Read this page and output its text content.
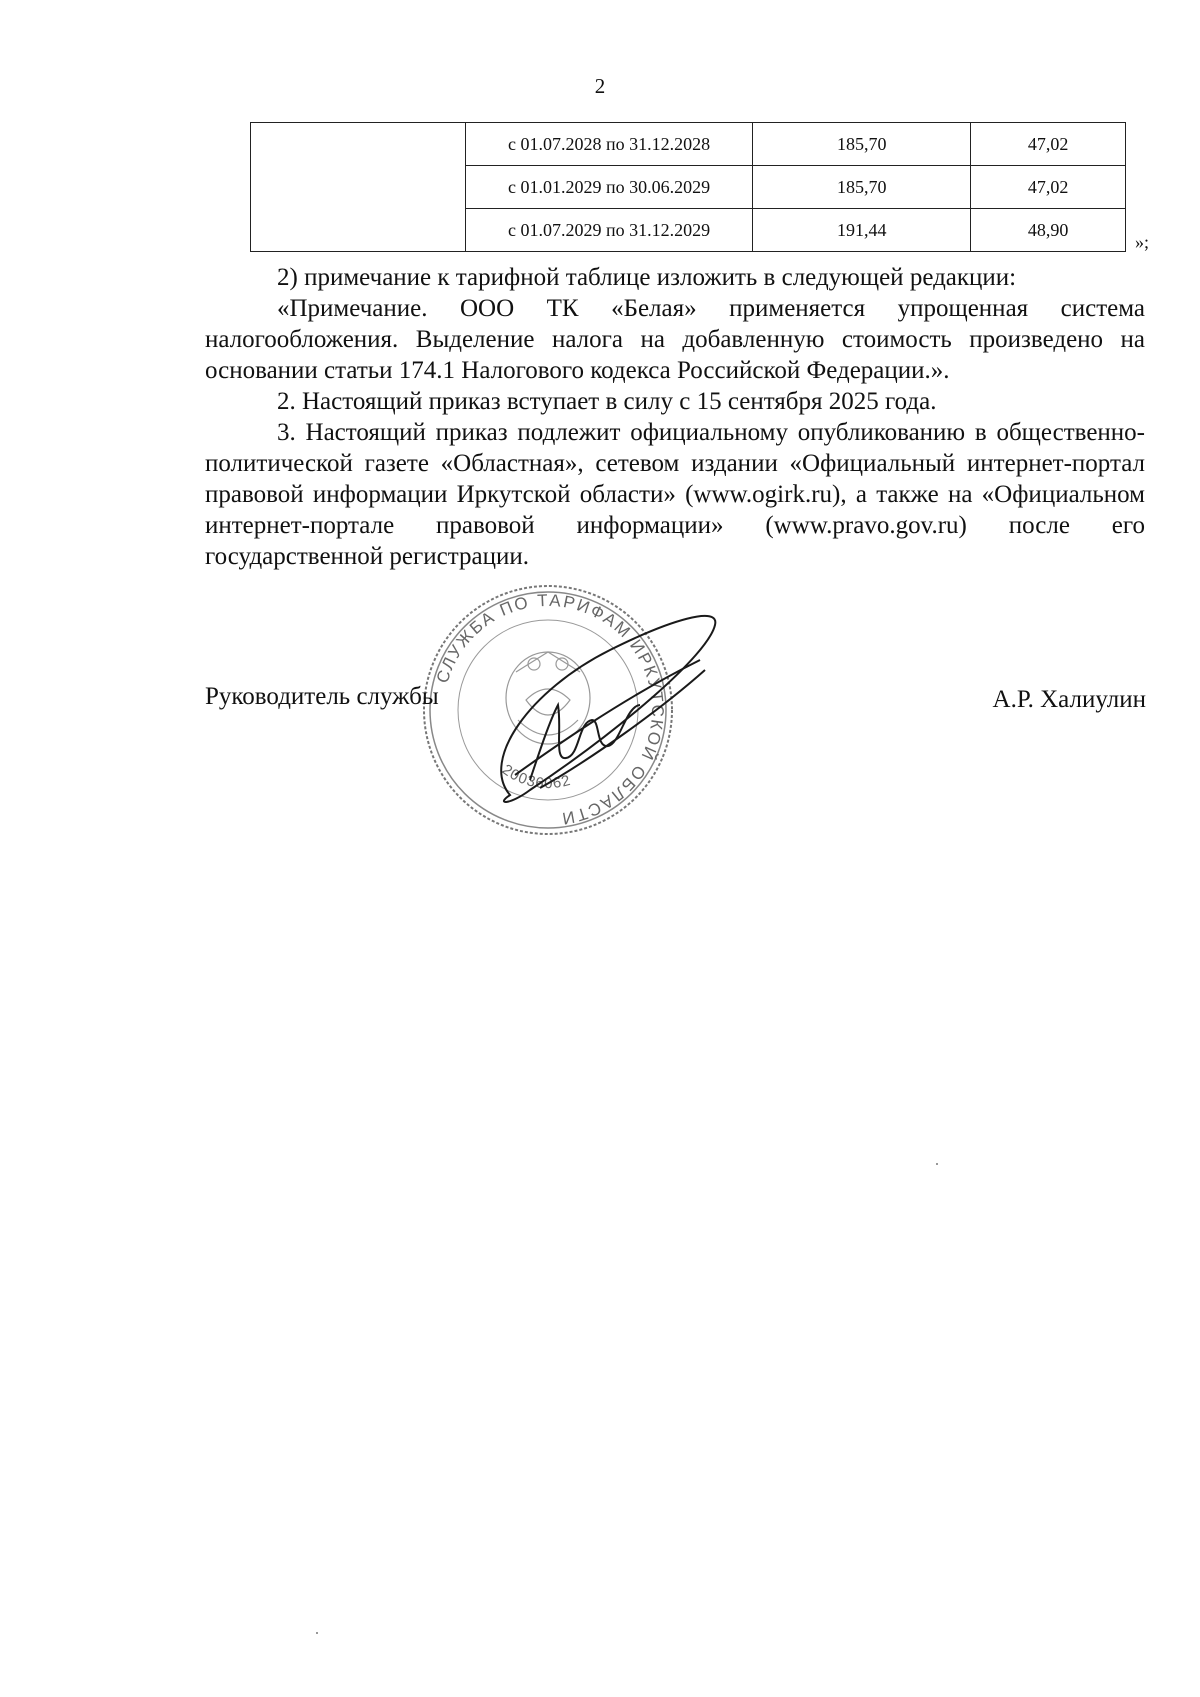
2
	с 01.07.2028 по 31.12.2028	185,70	47,02
	с 01.01.2029 по 30.06.2029	185,70	47,02
	с 01.07.2029 по 31.12.2029	191,44	48,90
»;

2) примечание к тарифной таблице изложить в следующей редакции:

«Примечание. ООО ТК «Белая» применяется упрощенная система налогообложения. Выделение налога на добавленную стоимость произведено на основании статьи 174.1 Налогового кодекса Российской Федерации.».

2. Настоящий приказ вступает в силу с 15 сентября 2025 года.

3. Настоящий приказ подлежит официальному опубликованию в общественно-политической газете «Областная», сетевом издании «Официальный интернет-портал правовой информации Иркутской области» (www.ogirk.ru), а также на «Официальном интернет-портале правовой информации» (www.pravo.gov.ru) после его государственной регистрации.

СЛУЖБА ПО ТАРИФАМ ИРКУТСКОЙ ОБЛАСТИ
20036062
Руководитель службы	А.Р. Халиулин
